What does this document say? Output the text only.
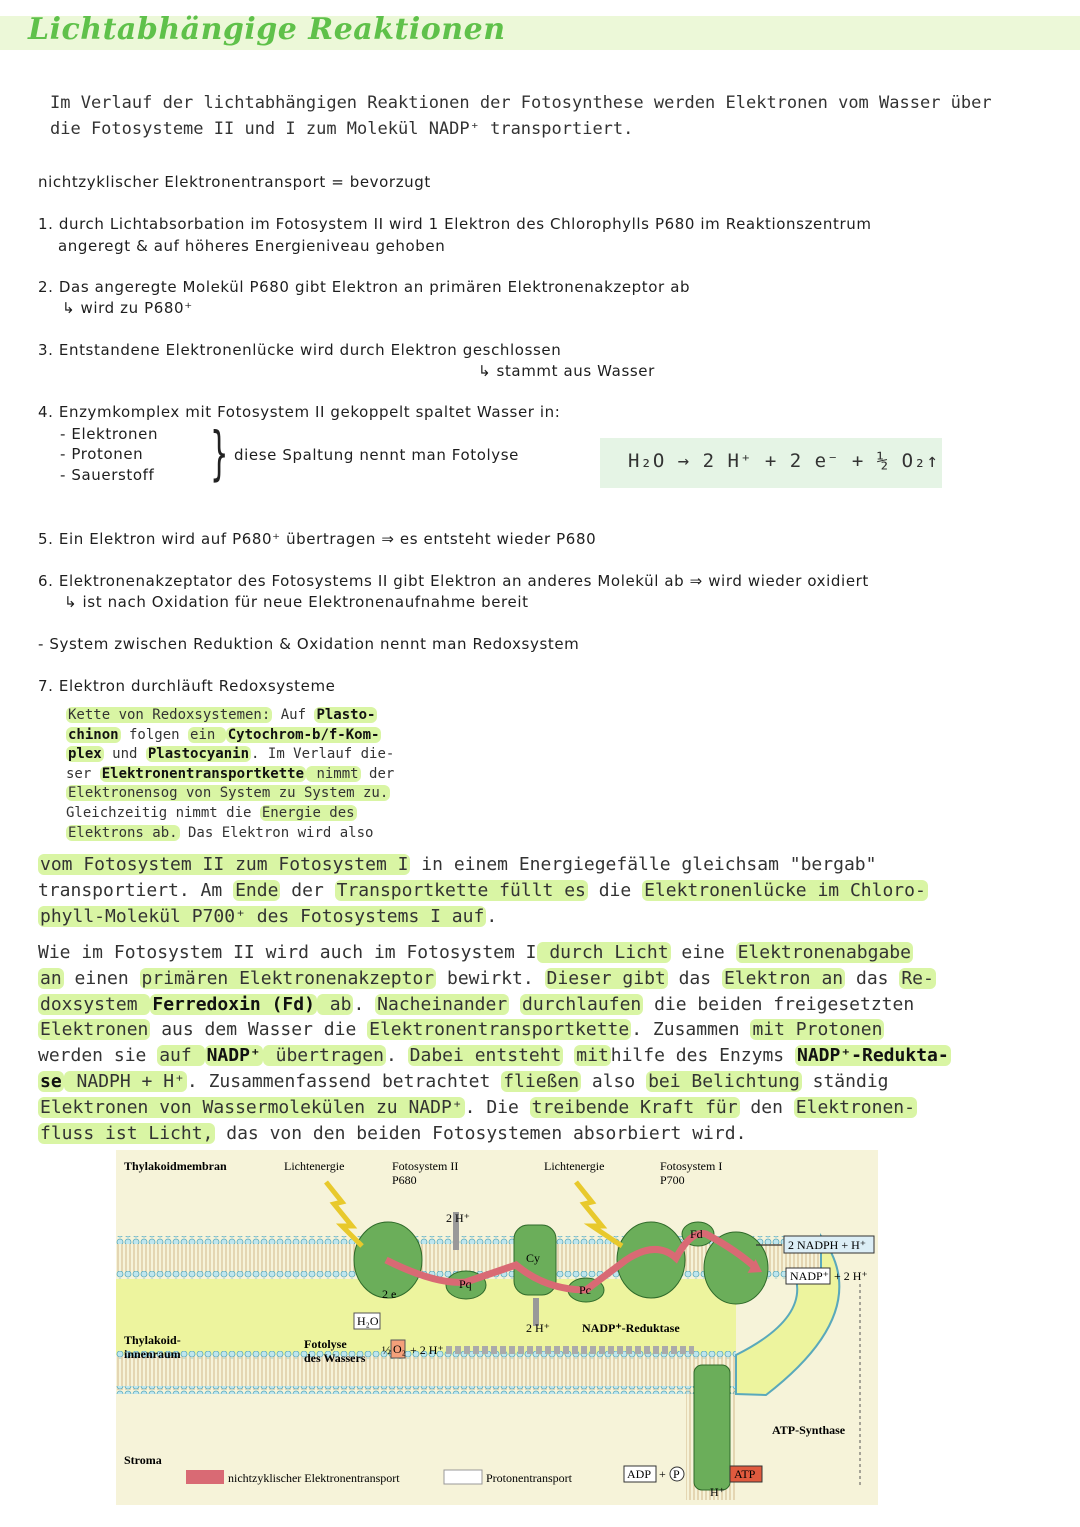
Lichtabhängige Reaktionen
Im Verlauf der lichtabhängigen Reaktionen der Fotosynthese werden Elektronen vom Wasser über die Fotosysteme II und I zum Molekül NADP⁺ transportiert.
nichtzyklischer Elektronentransport = bevorzugt
1. durch Lichtabsorbation im Fotosystem II wird 1 Elektron des Chlorophylls P680 im Reaktionszentrum
angeregt & auf höheres Energieniveau gehoben
2. Das angeregte Molekül P680 gibt Elektron an primären Elektronenakzeptor ab
↳ wird zu P680⁺
3. Entstandene Elektronenlücke wird durch Elektron geschlossen
↳ stammt aus Wasser
4. Enzymkomplex mit Fotosystem II gekoppelt spaltet Wasser in:
- Elektronen
- Protonen
- Sauerstoff } diese Spaltung nennt man Fotolyse	H₂O → 2 H⁺ + 2 e⁻ + ½ O₂↑
5. Ein Elektron wird auf P680⁺ übertragen ⇒ es entsteht wieder P680
6. Elektronenakzeptator des Fotosystems II gibt Elektron an anderes Molekül ab ⇒ wird wieder oxidiert
↳ ist nach Oxidation für neue Elektronenaufnahme bereit
- System zwischen Reduktion & Oxidation nennt man Redoxsystem
7. Elektron durchläuft Redoxsysteme
Kette von Redoxsystemen: Auf Plasto-
chinon folgen ein Cytochrom-b/f-Kom-
plex und Plastocyanin . Im Verlauf die-
ser Elektronentransportkette nimmt der
Elektronensog von System zu System zu.
Gleichzeitig nimmt die Energie des
Elektrons ab. Das Elektron wird also
vom Fotosystem II zum Fotosystem I in einem Energiegefälle gleichsam "bergab"
transportiert. Am Ende der Transportkette füllt es die Elektronenlücke im Chloro-
phyll-Molekül P700⁺ des Fotosystems I auf .
Wie im Fotosystem II wird auch im Fotosystem I durch Licht eine Elektronenabgabe
an einen primären Elektronenakzeptor bewirkt. Dieser gibt das Elektron an das Re-
doxsystem Ferredoxin (Fd) ab . Nacheinander durchlaufen die beiden freigesetzten
Elektronen aus dem Wasser die Elektronentransportkette . Zusammen mit Protonen
werden sie auf NADP⁺ übertragen . Dabei entsteht mit hilfe des Enzyms NADP⁺-Redukta-
se NADPH + H⁺ . Zusammenfassend betrachtet fließen also bei Belichtung ständig
Elektronen von Wassermolekülen zu NADP⁺ . Die treibende Kraft für den Elektronen-
fluss ist Licht, das von den beiden Fotosystemen absorbiert wird.
Thylakoidmembran	Lichtenergie	Fotosystem II
P680
Lichtenergie	Fotosystem I
P700
2 H⁺
Cy
Pq	Pc
Fd
2 e
H₂O	2 H⁺
Fotolyse
des Wassers
½ O₂ + 2 H⁺
2 NADPH + H⁺
NADP⁺ + 2 H⁺
NADP⁺-Reduktase
Thylakoid-
innenraum
ATP-Synthase
Stroma
nichtzyklischer Elektronentransport	Protonentransport	ADP + P	ATP
H⁺
